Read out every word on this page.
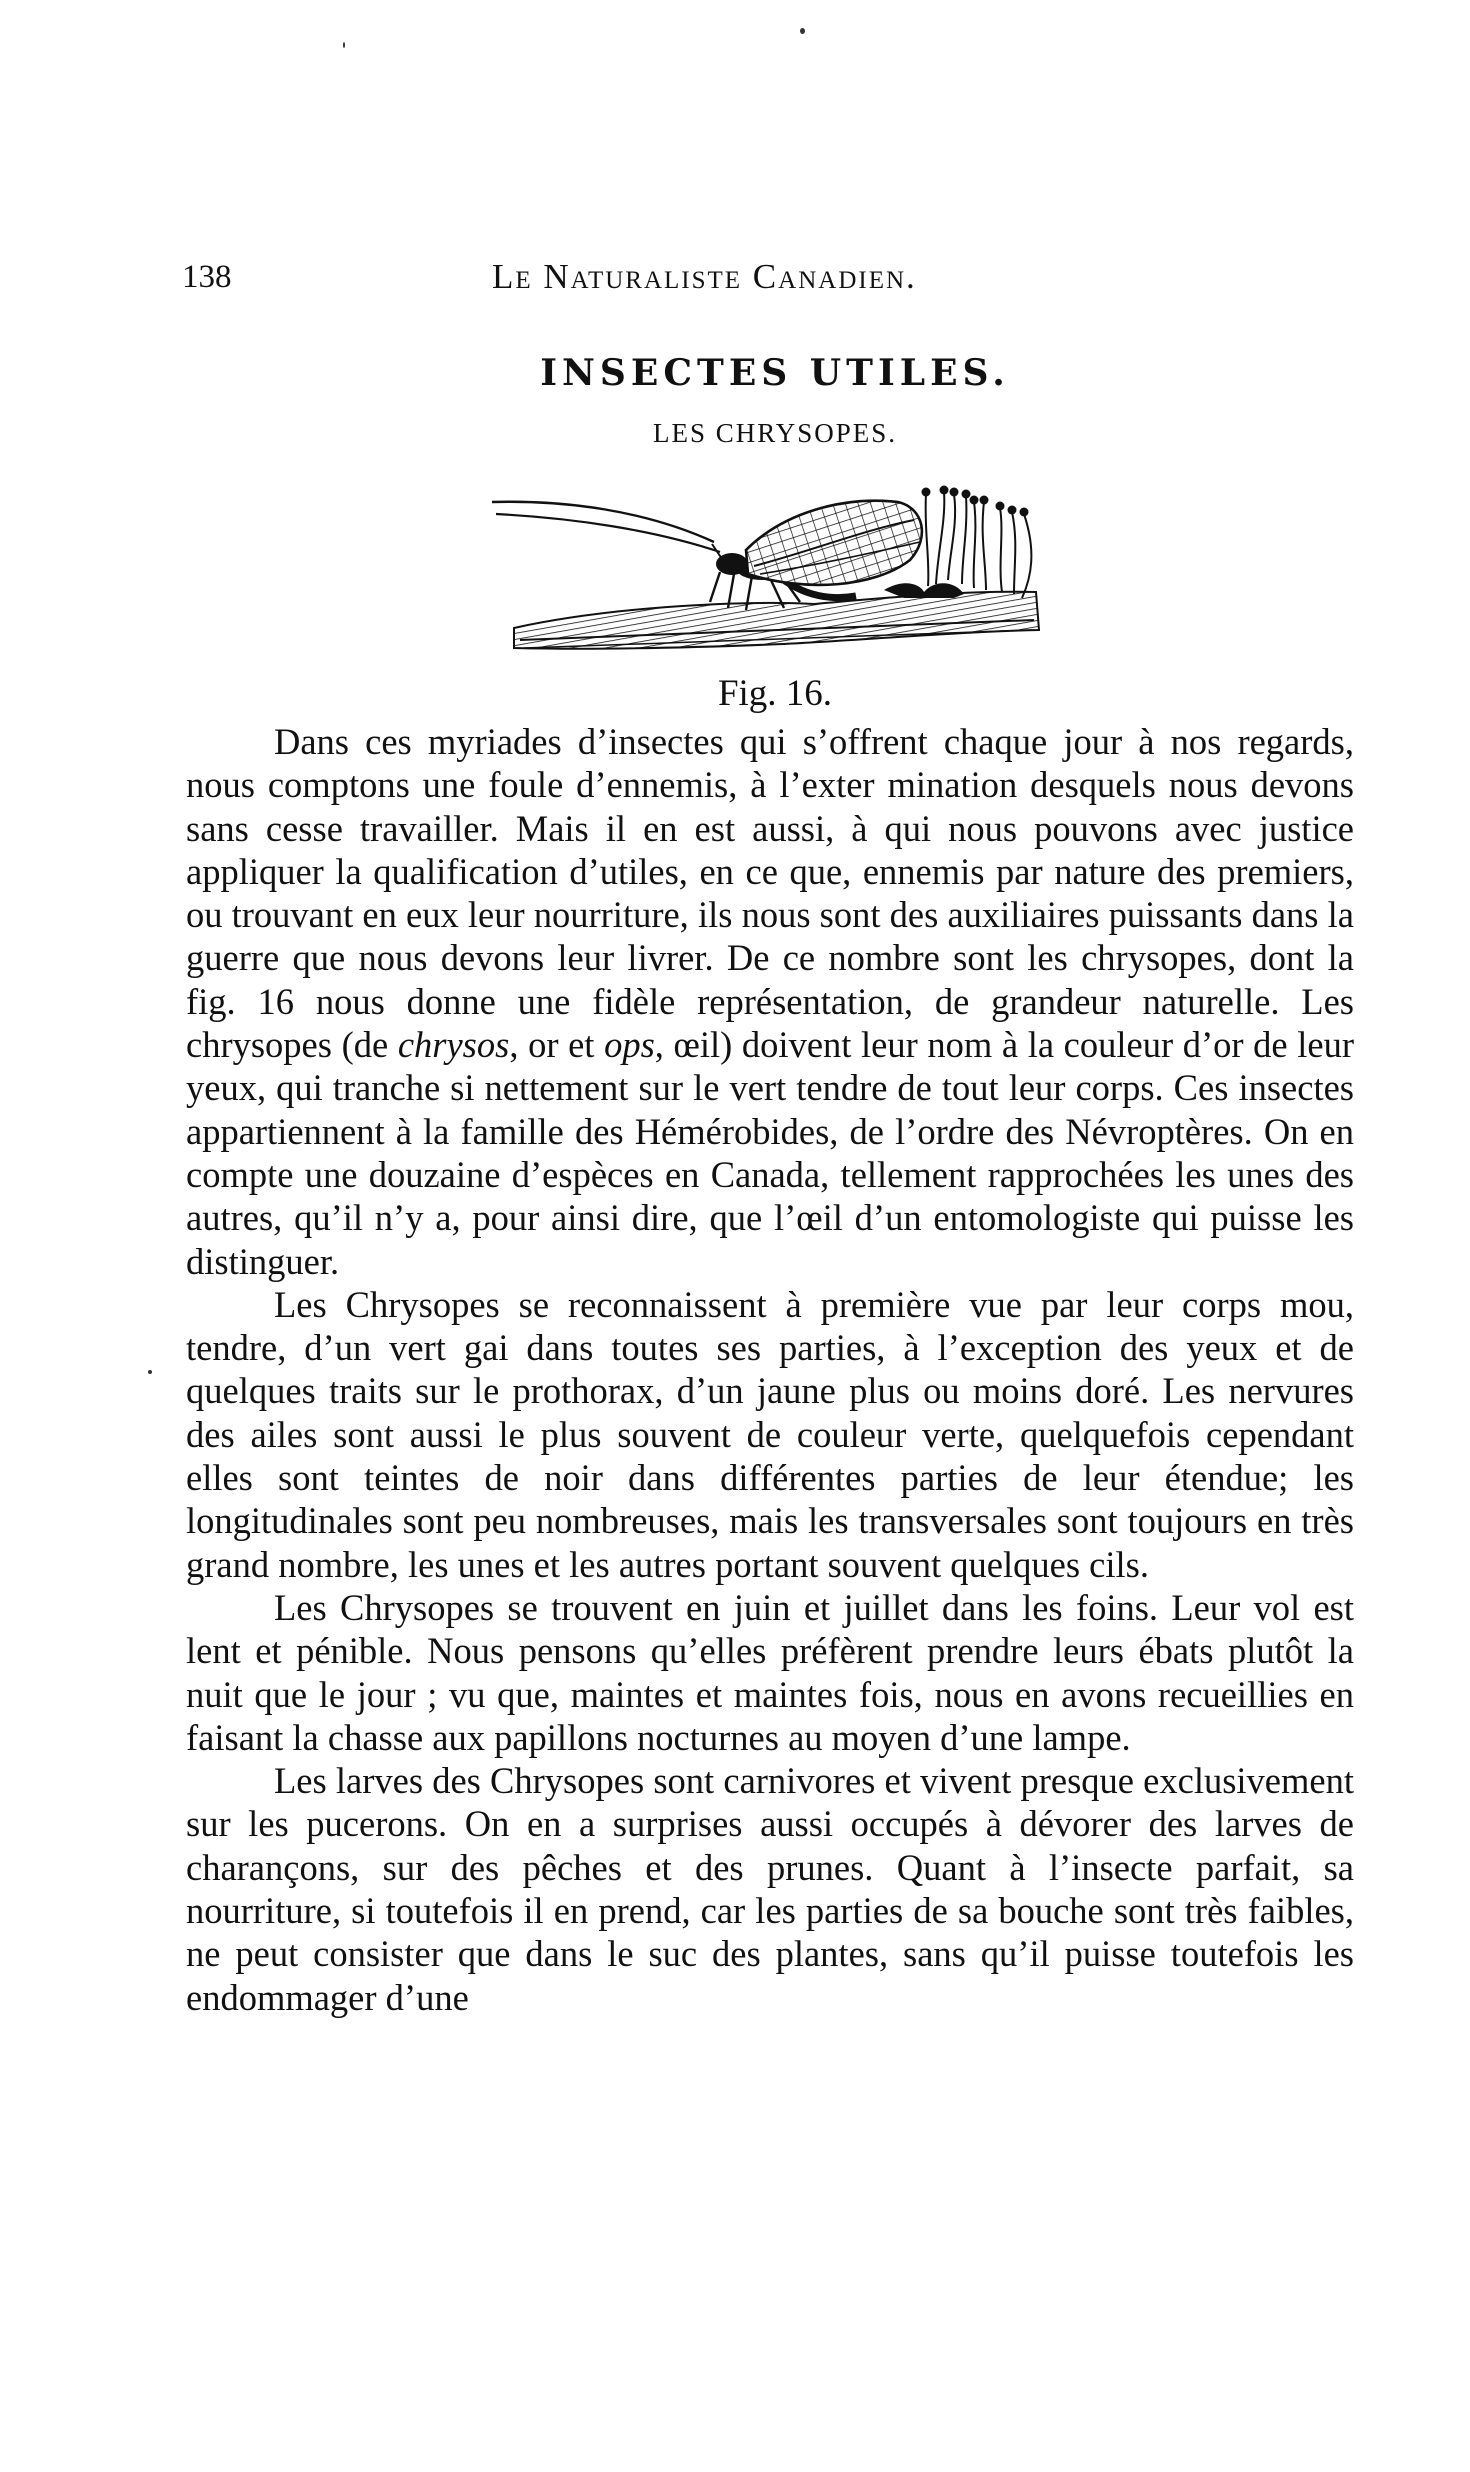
138	Le Naturaliste Canadien.
INSECTES UTILES.
LES CHRYSOPES.
Fig. 16.

Dans ces myriades d’insectes qui s’offrent chaque jour à nos regards, nous comptons une foule d’ennemis, à l’exter mination desquels nous devons sans cesse travailler. Mais il en est aussi, à qui nous pouvons avec justice appliquer la qualification d’utiles, en ce que, ennemis par nature des premiers, ou trouvant en eux leur nourriture, ils nous sont des auxiliaires puissants dans la guerre que nous devons leur livrer. De ce nombre sont les chrysopes, dont la fig. 16 nous donne une fidèle représentation, de grandeur naturelle. Les chrysopes (de chrysos, or et ops, œil) doivent leur nom à la couleur d’or de leur yeux, qui tranche si nettement sur le vert tendre de tout leur corps. Ces insectes appartiennent à la famille des Hémérobides, de l’ordre des Névroptères. On en compte une douzaine d’espèces en Canada, tellement rapprochées les unes des autres, qu’il n’y a, pour ainsi dire, que l’œil d’un entomologiste qui puisse les distinguer.

Les Chrysopes se reconnaissent à première vue par leur corps mou, tendre, d’un vert gai dans toutes ses parties, à l’exception des yeux et de quelques traits sur le prothorax, d’un jaune plus ou moins doré. Les nervures des ailes sont aussi le plus souvent de couleur verte, quelquefois cependant elles sont teintes de noir dans différentes parties de leur étendue; les longitudinales sont peu nombreuses, mais les transversales sont toujours en très grand nombre, les unes et les autres portant souvent quelques cils.

Les Chrysopes se trouvent en juin et juillet dans les foins. Leur vol est lent et pénible. Nous pensons qu’elles préfèrent prendre leurs ébats plutôt la nuit que le jour ; vu que, maintes et maintes fois, nous en avons recueillies en faisant la chasse aux papillons nocturnes au moyen d’une lampe.

Les larves des Chrysopes sont carnivores et vivent presque exclusivement sur les pucerons. On en a surprises aussi occupés à dévorer des larves de charançons, sur des pêches et des prunes. Quant à l’insecte parfait, sa nourriture, si toutefois il en prend, car les parties de sa bouche sont très faibles, ne peut consister que dans le suc des plantes, sans qu’il puisse toutefois les endommager d’une
